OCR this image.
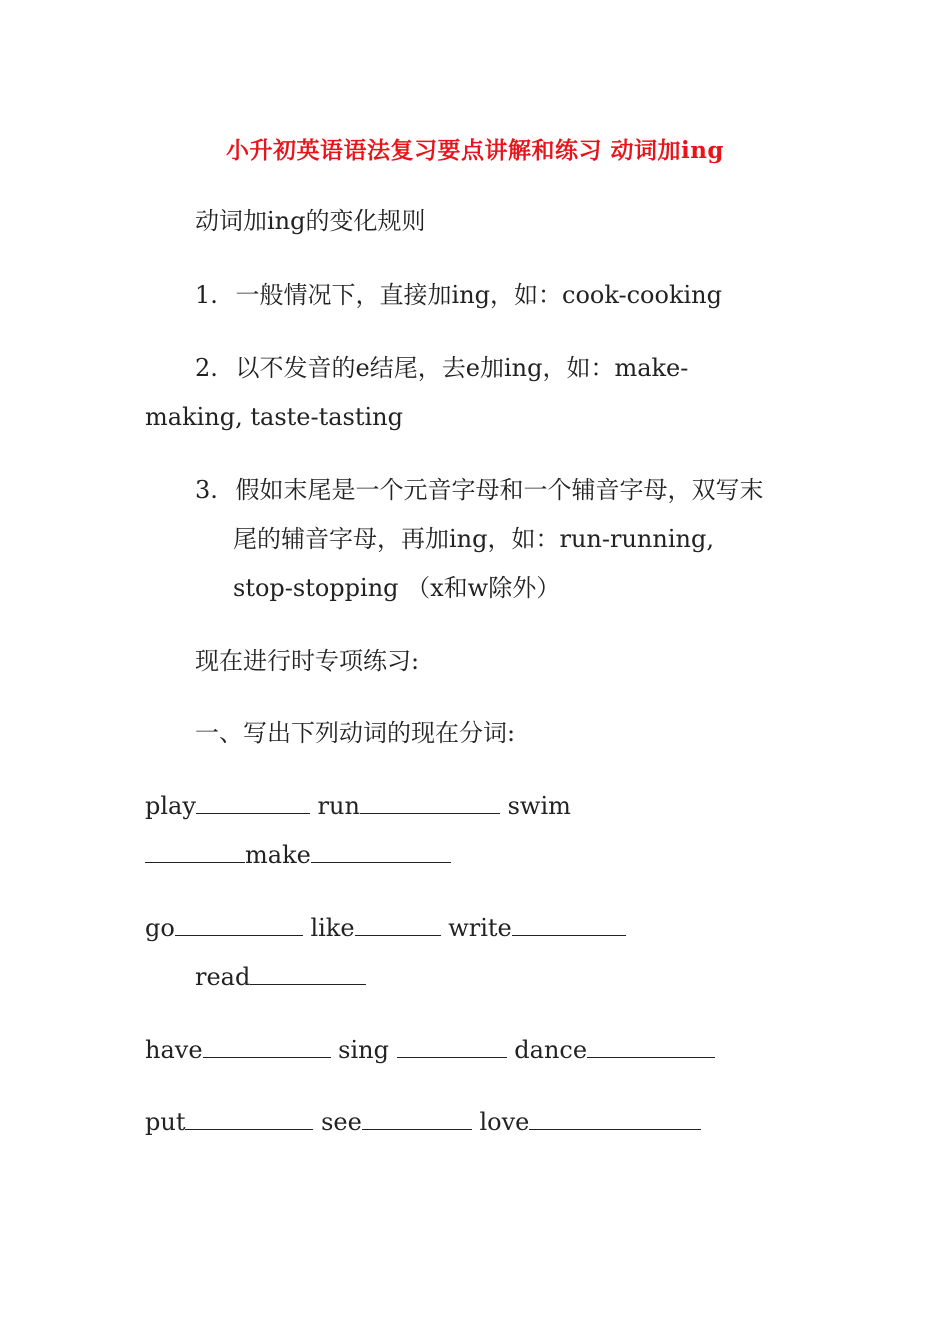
小升初英语语法复习要点讲解和练习 动词加ing
动词加ing的变化规则
1. 一般情况下，直接加ing，如：cook-cooking
2. 以不发音的e结尾，去e加ing，如：make-
making, taste-tasting
3. 假如末尾是一个元音字母和一个辅音字母，双写末
尾的辅音字母，再加ing，如：run-running,
stop-stopping （x和w除外）
现在进行时专项练习:
一、写出下列动词的现在分词:
play	run	swim
make
go	like	write
read
have	sing	dance
put	see	love
